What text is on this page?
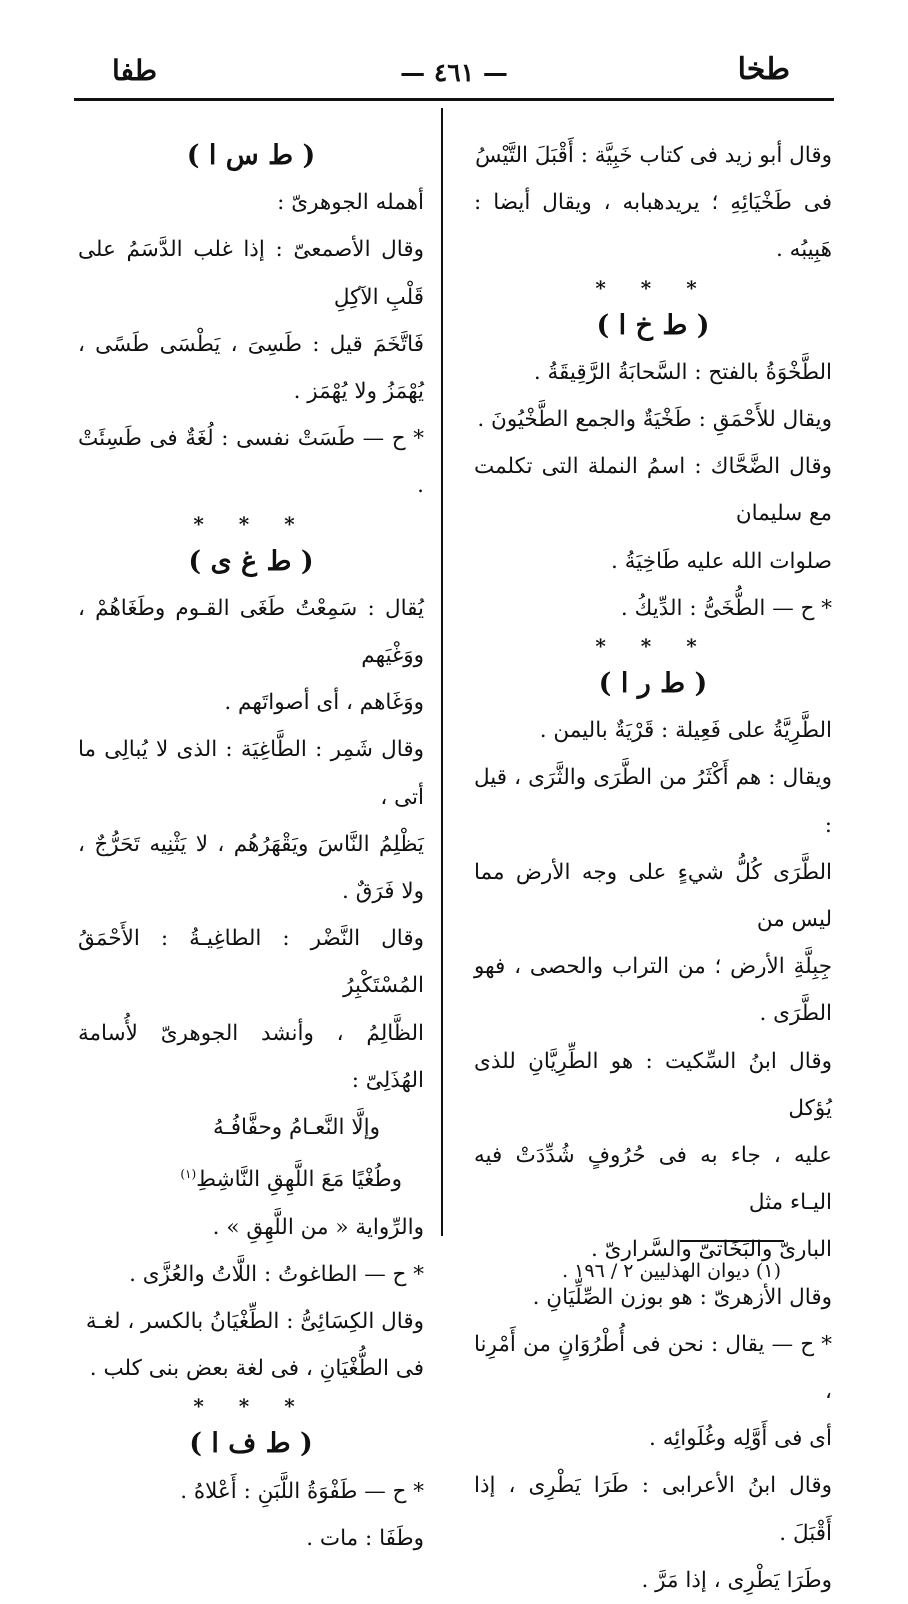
طخا
— ٤٦١ —
طفا

وقال أبو زيد فى كتاب خَبِيَّة : أَقْبَلَ التَّيْسُ

فى طَخْيَائِهِ ؛ يريدهبابه ، ويقال أيضا : هَبِيبُه .

* * *

( ط خ ا )

الطَّخْوَةُ بالفتح : السَّحابَةُ الرَّقِيقَةُ .

ويقال للأَحْمَقِ : طَخْيَةٌ والجمع الطَّخْيُونَ .

وقال الضَّحَّاك : اسمُ النملة التى تكلمت مع سليمان

صلوات الله عليه طَاخِيَةُ .

* ح — الطُّخَىُّ : الدِّيكُ .

* * *

( ط ر ا )

الطَّرِيَّةُ على فَعِيلة : قَرْيَةٌ باليمن .

ويقال : هم أَكْثَرُ من الطَّرَى والثَّرَى ، قيل :

الطَّرَى كُلُّ شيءٍ على وجه الأرض مما ليس من

جِبِلَّةِ الأرض ؛ من التراب والحصى ، فهو الطَّرَى .

وقال ابنُ السِّكيت : هو الطِّرِيَّانِ للذى يُؤكل

عليه ، جاء به فى حُرُوفٍ شُدِّدَتْ فيه اليـاء مثل

البارىّ والبَخَاتىّ والسَّرارىّ .

وقال الأزهرىّ : هو بوزن الصِّلِّيَانِ .

* ح — يقال : نحن فى أُطْرُوَانٍ من أَمْرِنا ،

أى فى أَوَّلِه وغُلَوائِه .

وقال ابنُ الأعرابى : طَرَا يَطْرِى ، إذا أَقْبَلَ .

وطَرَا يَطْرِى ، إذا مَرَّ .

( ط س ا )

أهمله الجوهرىّ :

وقال الأصمعىّ : إذا غلب الدَّسَمُ على قَلْبِ الآكِلِ

فَاتَّخَمَ قيل : طَسِىَ ، يَطْسَى طَسًى ، يُهْمَزُ ولا يُهْمَز .

* ح — طَسَتْ نفسى : لُغَةٌ فى طَسِئَتْ .

* * *

( ط غ ى )

يُقال : سَمِعْتُ طَغَى القـوم وطَغَاهُمْ ، ووَغْيَهم

ووَغَاهم ، أى أصواتَهم .

وقال شَمِر : الطَّاغِيَة : الذى لا يُبالِى ما أتى ،

يَظْلِمُ النَّاسَ ويَقْهَرُهُم ، لا يَثْنِيه تَحَرُّجٌ ، ولا فَرَقٌ .

وقال النَّضْر : الطاغِيـةُ : الأَحْمَقُ المُسْتَكْبِرُ

الظَّالِمُ ، وأنشد الجوهرىّ لأُسامة الهُذَلِىّ :

وإلَّا النَّعـامُ وحفَّافُـهُ

وطُغْيًا مَعَ اللَّهِقِ النَّاشِطِ$^{(١)}$

والرِّواية « من اللَّهِقِ » .

* ح — الطاغوتُ : اللَّاتُ والعُزَّى .

وقال الكِسَائِىُّ : الطِّغْيَانُ بالكسر ، لغـة

فى الطُّغْيَانِ ، فى لغة بعض بنى كلب .

* * *

( ط ف ا )

* ح — طَفْوَةُ اللَّبَنِ : أَعْلاهُ .

وطَفَا : مات .

(١) ديوان الهذليين ٢ / ١٩٦ .
